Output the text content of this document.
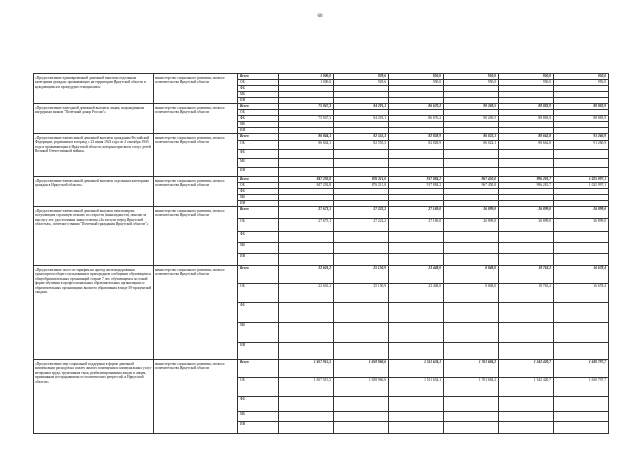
60
«Предоставление единовременной денежной выплаты отдельным категориям граждан, проживающих на территории Иркутской области и нуждающимся в процедурах гемодиализа»	министерство социального развития, опеки и попечительства Иркутской области	Всего	1 000,0	929,6	950,0	950,0	950,0	950,0
		ОБ	1 000,0	929,6	950,0	950,0	950,0	950,0
		ФБ						
		МБ						
		ИИ						
«Предоставление ежегодной денежной выплаты лицам, награжденным нагрудным знаком "Почетный донор России"»	министерство социального развития, опеки и попечительства Иркутской области	Всего	75 947,3	84 291,1	86 670,2	90 269,5	88 883,9	88 883,9
		ОБ						
		ФБ	75 947,3	84 291,1	86 670,2	90 269,5	88 883,9	88 883,9
		МБ						
		ИИ						
«Предоставление ежемесячной денежной выплаты гражданам Российской Федерации, родившимся в период с 23 июня 1923 года по 2 сентября 1945 года и проживающим в Иркутской области, которым присвоен статус детей Великой Отечественной войны»	министерство социального развития, опеки и попечительства Иркутской области	Всего	86 844,1	82 555,3	82 828,9	86 022,1	88 662,8	91 260,9
		ОБ	86 844,1	82 555,3	82 828,9	86 022,1	88 662,8	91 260,9
		ФБ						
		МБ						
		ИИ						
«Предоставление ежемесячной денежной выплаты отдельным категориям граждан в Иркутской области»	министерство социального развития, опеки и попечительства Иркутской области	Всего	847 292,8	876 211,0	917 884,2	967 450,0	996 281,7	1 025 997,1
		ОБ	847 292,8	876 211,0	917 884,2	967 450,0	996 281,7	1 025 997,1
		ФБ						
		МБ						
		ИИ						
«Предоставление ежемесячной денежной выплаты пенсионерам, получающим страховую пенсию по старости (инвалидности), пенсию за выслугу лет, удостоенным знака отличия «За заслуги перед Иркутской областью», почетного звания "Почетный гражданин Иркутской области"»	министерство социального развития, опеки и попечительства Иркутской области	Всего	27 673,1	27 222,2	27 169,0	26 899,0	26 899,0	26 899,0
		ОБ	27 673,1	27 222,2	27 169,0	26 899,0	26 899,0	26 899,0
		ФБ						
		МБ						
		ИИ						
«Предоставление льгот по тарифам на проезд железнодорожным транспортом общего пользования в пригородном сообщении обучающимся общеобразовательных организаций старше 7 лет, обучающимся по очной форме обучения в профессиональных образовательных организациях и образовательных организациях высшего образования в виде 50-процентной скидки»	министерство социального развития, опеки и попечительства Иркутской области	Всего	22 601,2	25 150,9	23 448,0	8 848,0	18 763,2	16 678,4
		ОБ	22 601,2	25 150,9	23 448,0	8 848,0	18 763,2	16 678,4
		ФБ						
		МБ						
		ИИ						
«Предоставление мер социальной поддержки в форме денежной компенсации расходов на оплату жилого помещения и коммунальных услуг ветеранам труда, труженикам тыла, реабилитированным лицам и лицам, признанным пострадавшими от политических репрессий, в Иркутской области»	министерство социального развития, опеки и попечительства Иркутской области	Всего	1 657 915,5	1 658 960,6	1 511 634,1	1 761 684,2	1 542 420,7	1 630 797,7
		ОБ	1 657 915,5	1 658 960,6	1 511 634,1	1 761 684,2	1 542 420,7	1 630 797,7
		ФБ						
		МБ						
		ИИ						
